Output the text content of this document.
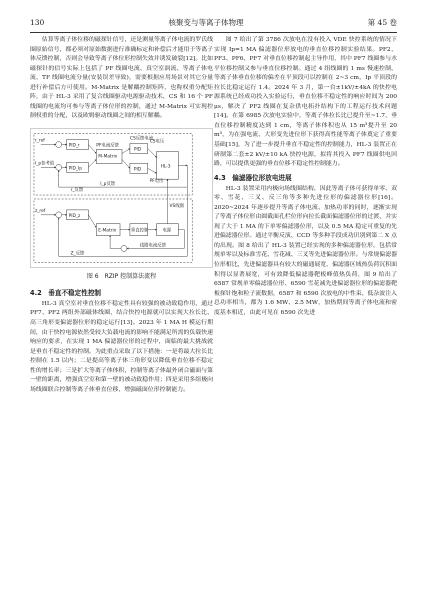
130	核聚变与等离子体物理	第 45 卷

估算等离子体位移的磁探针信号，还是测量等离子体电流的罗氏线圈原始信号，都必须对原始数据进行准确标定和补偿后才能用于等离子体反馈控制，否则会导致等离子体位形控制失效并诱发破裂[12]。比如磁探针的信号实际上包括了 PF 线圈电流、真空室涡流、等离子体电流、TF 线圈电流分量(安装误差导致)，需要根据应用场景对其它分量进行补偿后方可使用。M-Matrix 是解耦控制矩阵，也称权重分配矩阵，由于 HL-3 采用了复合线圈驱动电源驱动技术，CS 和 16 个 PF 线圈的电流均可参与等离子体位形的控制，通过 M-Matrix 可实现控制权重的分配，以及欧姆驱动线圈之间的相互解耦。

r_ref
I_p参考值
z_ref
PID_r
PID_Ip
PID_z
M-Matrix
PID
PID
HL-3
CS反馈电流
CS电压
PF电流反馈
PF电压
I_p反馈
E-Matrix	垂直控制	电源
VS线圈
Z_反馈
线圈电流反馈
r_反馈
图 6　RZIP 控制算法流程
4.2　垂直不稳定性控制

HL-3 真空室对垂直位移不稳定性具有较强的被动致稳作用，通过 PF7、PF2 两组外部磁体线圈，结合快控电源就可以实现大拉长比、高三角形变偏滤器位形的稳定运行[13]。2023 年 1 MA H 模运行期间，由于快控电源依然受较大负载电流的影响不能满足所需的负载快速响应的要求，在实现 1 MA 偏滤器位形的过程中，面临的最大挑战就是垂直不稳定性的控制。为此重点采取了以下措施：一是将最大拉长比控制在 1.5 以内；二是提高等离子体三角形变以降低垂直位移不稳定性的增长率；三是扩大等离子体体积，控制等离子体最外闭合磁面与第一壁的距离，增强真空室和第一壁的被动致稳作用；四是采用多组极向场线圈联合控制等离子体垂直位移，增强磁面位形控制能力。

图 7 给出了第 3786 次放电在没有投入 VDE 快控系统的情况下实现 Ip=1 MA 偏滤器位形放电的垂直位移控制实验结果。PF2、PF3、PF6、PF7 对垂直位移控制起主导作用，其中 PF7 线圈参与水平位移控制又参与垂直位移控制。通过 4 组线圈的 1 ms 慢速控制，等离子体垂直位移的偏差在平顶段可以控制在 2~3 cm，Ip 平顶段的拉长比稳定运行 1.4。2024 年 3 月，第一台±1kV/±4kA 的快控电源系统已经成功投入实验运行，垂直位移不稳定性的响应时间为 200 μs，解决了 PF2 线圈在复杂供电拓扑结构下的工程运行技术问题[14]。在第 6985 次放电实验中，等离子体拉长比已提升至~1.7，垂直位移控制精度达到 1 cm，等离子体体积也从 15 m³提升至 20 m³，为在强电流、大形变先进位形下获得高性能等离子体奠定了重要基础[15]，为了进一步提升垂直不稳定性的控制能力，HL-3 装置正在研制第二套±2 kV/±10 kA 快控电源，拟将其投入 PF7 线圈供电回路，可以提供更强的垂直位移不稳定性控制能力。

4.3　偏滤器位形放电进展

HL-3 装置采用内极向场线圈结构，因此等离子体可获得单零、双零、雪花、三叉、反三角等多种先进位形的偏滤器位形[16]。2020~2024 年逐步提升等离子体电流、加热功率的同时，逐渐实现了等离子体位形由圆截面孔栏位形向拉长截面偏滤器位形的过渡，并实现了大于 1 MA 的下单零偏滤器位形，以及 0.5 MA 稳定可重复的先进偏滤器位形。通过平衡反演、CCD 等多种手段成功识别到第二 X 点的出现。图 8 给出了 HL-3 装置已经实现的多种偏滤器位形，包括常规单零以及标准雪花、雪花减、三叉等先进偏滤器位形。与常规偏滤器位形相比，先进偏滤器具有较大的磁通展宽，偏滤器区域热负荷沉积面积得以显著展宽，可有效降低偏滤器靶板峰值热负荷，图 9 给出了 6587 常规单零偏滤器位形、6590 雪花减先进偏滤器位形的偏滤器靶板探针饱和粒子流数据，6587 和 6590 次放电的中性束、低杂波注入总功率相当，都为 1.6 MW、2.5 MW，加热期间等离子体电流和密度基本相近，由此可见在 6590 次先进
